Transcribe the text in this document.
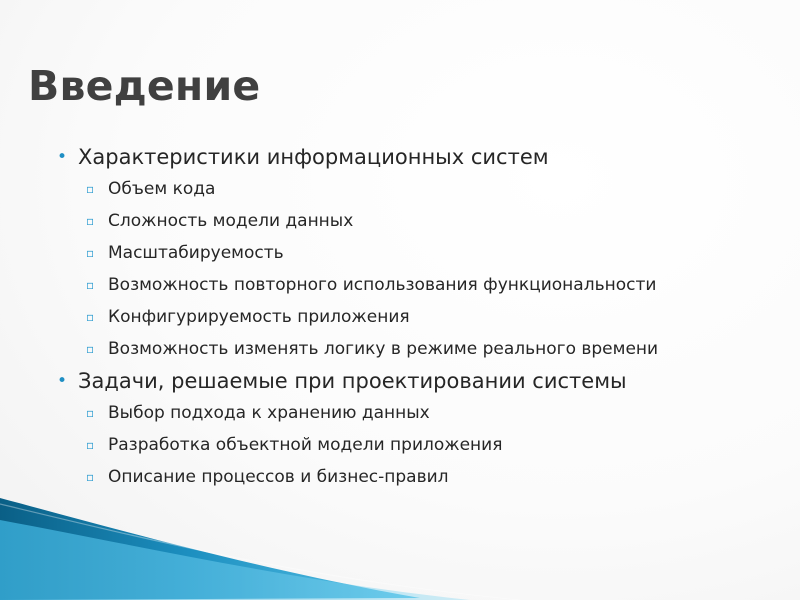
Введение
• Характеристики информационных систем
▫ Объем кода
▫ Сложность модели данных
▫ Масштабируемость
▫ Возможность повторного использования функциональности
▫ Конфигурируемость приложения
▫ Возможность изменять логику в режиме реального времени
• Задачи, решаемые при проектировании системы
▫ Выбор подхода к хранению данных
▫ Разработка объектной модели приложения
▫ Описание процессов и бизнес-правил
